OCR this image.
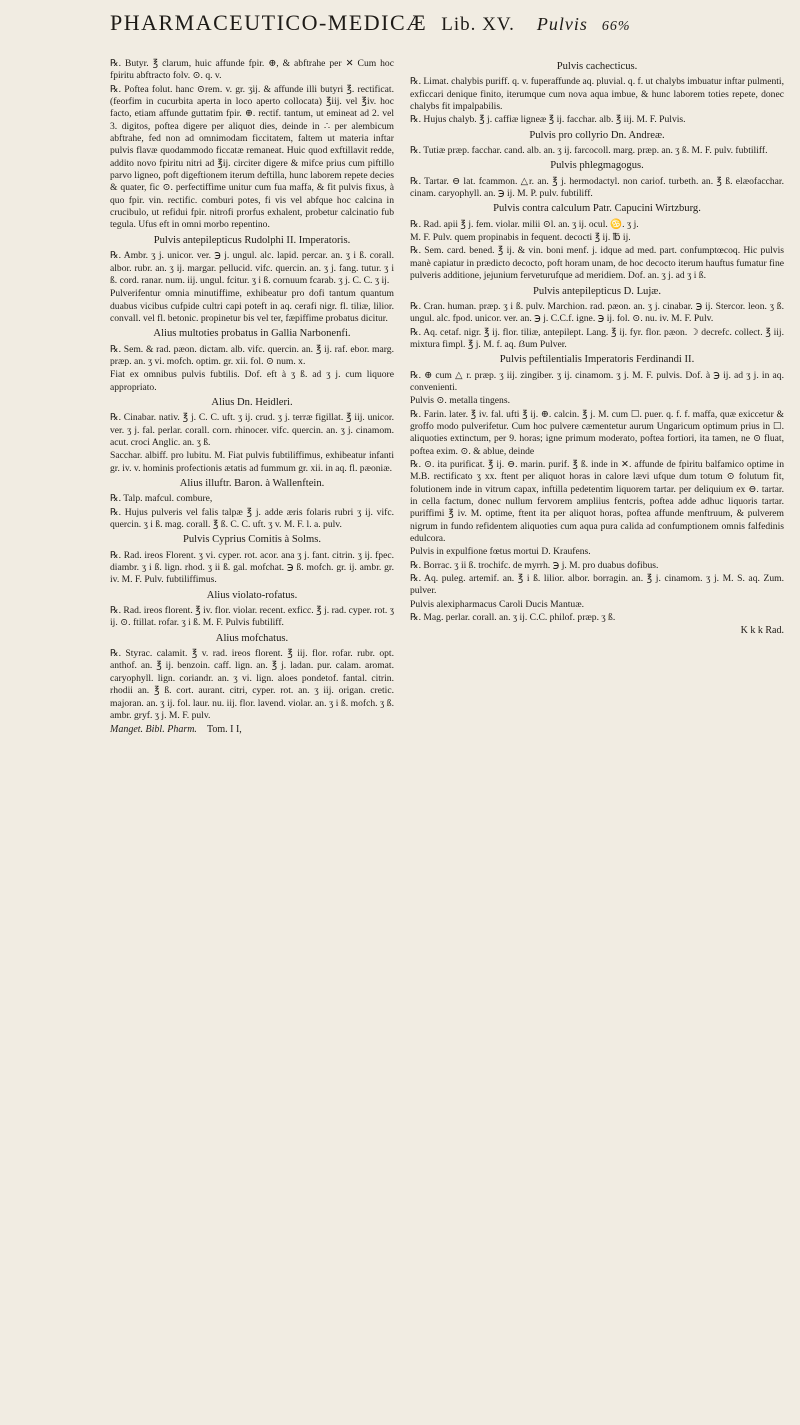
PHARMACEUTICO-MEDICÆ Lib. XV. Pulvis 66%

℞. Butyr. ℥ clarum, huic affunde fpir. ⊕, & abftrahe per ✕ Cum hoc fpiritu abftracto folv. ⊙. q. v.

℞. Poftea folut. hanc ⊙rem. v. gr. ʒij. & affunde illi butyri ℥. rectificat. (feorfim in cucurbita aperta in loco aperto collocata) ℥iij. vel ℥iv. hoc facto, etiam affunde guttatim fpir. ⊕. rectif. tantum, ut emineat ad 2. vel 3. digitos, poftea digere per aliquot dies, deinde in ∴ per alembicum abftrahe, fed non ad omnimodam ficcitatem, faltem ut materia inftar pulvis flavæ quodammodo ficcatæ remaneat. Huic quod exftillavit redde, addito novo fpiritu nitri ad ℥ij. circiter digere & mifce prius cum piftillo parvo ligneo, poft digeftionem iterum deftilla, hunc laborem repete decies & quater, fic ⊙. perfectiffime unitur cum fua maffa, & fit pulvis fixus, à quo fpir. vin. rectific. comburi potes, fi vis vel abfque hoc calcina in crucibulo, ut refidui fpir. nitrofi prorfus exhalent, probetur calcinatio fub tegula. Ufus eft in omni morbo repentino.

Pulvis antepilepticus Rudolphi II. Imperatoris.

℞. Ambr. ʒ j. unicor. ver. ℈ j. ungul. alc. lapid. percar. an. ʒ i ß. corall. albor. rubr. an. ʒ ij. margar. pellucid. vifc. quercin. an. ʒ j. fang. tutur. ʒ i ß. cord. ranar. num. iij. ungul. fcitur. ʒ i ß. cornuum fcarab. ʒ j. C. C. ʒ ij.

Pulverifentur omnia minutiffime, exhibeatur pro dofi tantum quantum duabus vicibus cufpide cultri capi poteft in aq. cerafi nigr. fl. tiliæ, lilior. convall. vel fl. betonic. propinetur bis vel ter, fæpiffime probatus dicitur.

Alius multoties probatus in Gallia Narbonenfi.

℞. Sem. & rad. pæon. dictam. alb. vifc. quercin. an. ℥ ij. raf. ebor. marg. præp. an. ʒ vi. mofch. optim. gr. xii. fol. ⊙ num. x.

Fiat ex omnibus pulvis fubtilis. Dof. eft à ʒ ß. ad ʒ j. cum liquore appropriato.

Alius Dn. Heidleri.

℞. Cinabar. nativ. ℥ j. C. C. uft. ʒ ij. crud. ʒ j. terræ figillat. ℥ iij. unicor. ver. ʒ j. fal. perlar. corall. corn. rhinocer. vifc. quercin. an. ʒ j. cinamom. acut. croci Anglic. an. ʒ ß.

Sacchar. albiff. pro lubitu. M. Fiat pulvis fubtiliffimus, exhibeatur infanti gr. iv. v. hominis profectionis ætatis ad fummum gr. xii. in aq. fl. pæoniæ.

Alius illuftr. Baron. à Wallenftein.

℞. Talp. mafcul. combure,

℞. Hujus pulveris vel falis talpæ ℥ j. adde æris folaris rubri ʒ ij. vifc. quercin. ʒ i ß. mag. corall. ℥ ß. C. C. uft. ʒ v. M. F. l. a. pulv.

Pulvis Cyprius Comitis à Solms.

℞. Rad. ireos Florent. ʒ vi. cyper. rot. acor. ana ʒ j. fant. citrin. ʒ ij. fpec. diambr. ʒ i ß. lign. rhod. ʒ ii ß. gal. mofchat. ℈ ß. mofch. gr. ij. ambr. gr. iv. M. F. Pulv. fubtiliffimus.

Alius violato-rofatus.

℞. Rad. ireos florent. ℥ iv. flor. violar. recent. exficc. ℥ j. rad. cyper. rot. ʒ ij. ⊙. ftillat. rofar. ʒ i ß. M. F. Pulvis fubtiliff.

Alius mofchatus.

℞. Styrac. calamit. ℥ v. rad. ireos florent. ℥ iij. flor. rofar. rubr. opt. anthof. an. ℥ ij. benzoin. caff. lign. an. ℥ j. ladan. pur. calam. aromat. caryophyll. lign. coriandr. an. ʒ vi. lign. aloes pondetof. fantal. citrin. rhodii an. ℥ ß. cort. aurant. citri, cyper. rot. an. ʒ iij. origan. cretic. majoran. an. ʒ ij. fol. laur. nu. iij. flor. lavend. violar. an. ʒ i ß. mofch. ʒ ß. ambr. gryf. ʒ j. M. F. pulv.

Manget. Bibl. Pharm. Tom. I I,

Pulvis cachecticus.

℞. Limat. chalybis puriff. q. v. fuperaffunde aq. pluvial. q. f. ut chalybs imbuatur inftar pulmenti, exficcari denique finito, iterumque cum nova aqua imbue, & hunc laborem toties repete, donec chalybs fit impalpabilis.

℞. Hujus chalyb. ℥ j. caffiæ ligneæ ℥ ij. facchar. alb. ℥ iij. M. F. Pulvis.

Pulvis pro collyrio Dn. Andreæ.

℞. Tutiæ præp. facchar. cand. alb. an. ʒ ij. farcocoll. marg. præp. an. ʒ ß. M. F. pulv. fubtiliff.

Pulvis phlegmagogus.

℞. Tartar. ⊖ lat. fcammon. △r. an. ℥ j. hermodactyl. non cariof. turbeth. an. ℥ ß. elæofacchar. cinam. caryophyll. an. ℈ ij. M. P. pulv. fubtiliff.

Pulvis contra calculum Patr. Capucini Wirtzburg.

℞. Rad. apii ℥ j. fem. violar. milii ⊙l. an. ʒ ij. ocul. ♋. ʒ j.

M. F. Pulv. quem propinabis in fequent. decocti ℥ ij. ℔ ij.

℞. Sem. card. bened. ℥ ij. & vin. boni menf. j. idque ad med. part. confumptœcoq. Hic pulvis manè capiatur in prædicto decocto, poft horam unam, de hoc decocto iterum hauftus fumatur fine pulveris additione, jejunium ferveturufque ad meridiem. Dof. an. ʒ j. ad ʒ i ß.

Pulvis antepilepticus D. Lujæ.

℞. Cran. human. præp. ʒ i ß. pulv. Marchion. rad. pæon. an. ʒ j. cinabar. ℈ ij. Stercor. leon. ʒ ß. ungul. alc. fpod. unicor. ver. an. ℈ j. C.C.f. igne. ℈ ij. fol. ⊙. nu. iv. M. F. Pulv.

℞. Aq. cetaf. nigr. ℥ ij. flor. tiliæ, antepilept. Lang. ℥ ij. fyr. flor. pæon. ☽ decrefc. collect. ℥ iij. mixtura fimpl. ℥ j. M. f. aq. ẞum Pulver.

Pulvis peftilentialis Imperatoris Ferdinandi II.

℞. ⊕ cum △ r. præp. ʒ iij. zingiber. ʒ ij. cinamom. ʒ j. M. F. pulvis. Dof. à ℈ ij. ad ʒ j. in aq. convenienti.

Pulvis ⊙. metalla tingens.

℞. Farin. later. ℥ iv. fal. ufti ℥ ij. ⊕. calcin. ℥ j. M. cum ☐. puer. q. f. f. maffa, quæ exiccetur & groffo modo pulverifetur. Cum hoc pulvere cæmentetur aurum Ungaricum optimum prius in ☐. aliquoties extinctum, per 9. horas; igne primum moderato, poftea fortiori, ita tamen, ne ⊙ fluat, poftea exim. ⊙. & ablue, deinde

℞. ⊙. ita purificat. ℥ ij. ⊖. marin. purif. ℥ ß. inde in ✕. affunde de fpiritu balfamico optime in M.B. rectificato ʒ xx. ftent per aliquot horas in calore lævi ufque dum totum ⊙ folutum fit, folutionem inde in vitrum capax, inftilla pedetentim liquorem tartar. per deliquium ex ⊖. tartar. in cella factum, donec nullum fervorem ampliius fentcris, poftea adde adhuc liquoris tartar. puriffimi ℥ iv. M. optime, ftent ita per aliquot horas, poftea affunde menftruum, & pulverem nigrum in fundo refidentem aliquoties cum aqua pura calida ad confumptionem omnis falfedinis edulcora.

Pulvis in expulfione fœtus mortui D. Kraufens.

℞. Borrac. ʒ ii ß. trochifc. de myrrh. ℈ j. M. pro duabus dofibus.

℞. Aq. puleg. artemif. an. ℥ i ß. lilior. albor. borragin. an. ℥ j. cinamom. ʒ j. M. S. aq. Zum. pulver.

Pulvis alexipharmacus Caroli Ducis Mantuæ.

℞. Mag. perlar. corall. an. ʒ ij. C.C. philof. præp. ʒ ß.

K k k Rad.
